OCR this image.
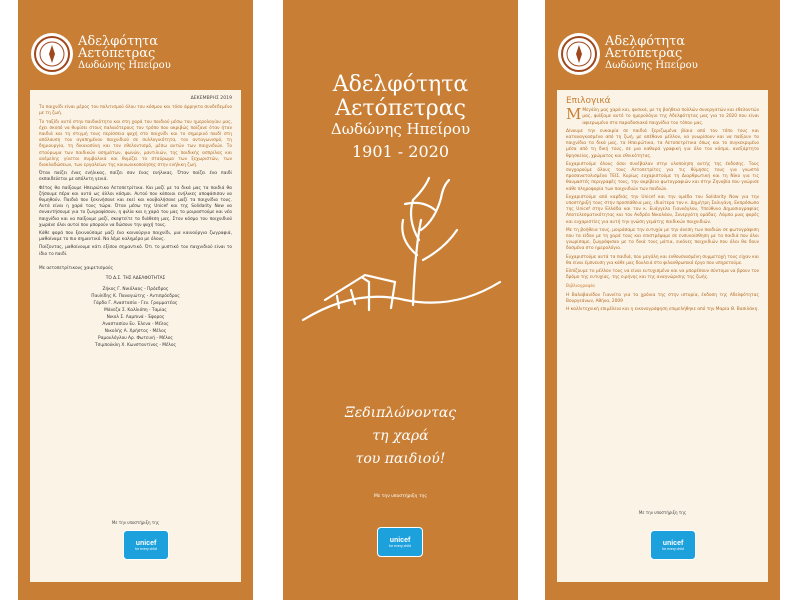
Αδελφότητα
Αετόπετρας
Δωδώνης Ηπείρου
ΔΕΚΕΜΒΡΗΣ 2019

Το παιχνίδι είναι μέρος του πολιτισμού όλου του κόσμου και τόσο άρρηκτα συνδεδεμένο με τη ζωή.

Το ταξίδι αυτό στην παιδικότητα και στη χαρά του παιδιού μέσω του ημερολογίου μας, έχει σκοπό να θυμίσει στους παλαιότερους τον τρόπο που ακριβώς παίζανε όταν ήταν παιδιά και τη στιγμή τους περίσσεια ψυχή στο παιχνίδι και το σημερινό παιδί στη απόλαυση του αγαπημένου παιχνιδιού σε συλλογικότητα, τον ανταγωνισμό, τη δημιουργία, τη δικαιοσύνη και τον εθελοντισμό, μέσω αυτών των παιχνιδιών. Το σταύρωμα των παιδικών ασημάτων, φωνών, μαντιλιών, της παιδικής ασπρίλας και ανέμελης γίνεται συμβολικά και θυμίζει το σταύρωμα των ξεχωριστών, των διακλαδώσεων, των εργαλείων της κοινωνικοποίησης στην ενήλικη ζωή.

Όταν παίζει ένας ενήλικας, παίζει σαν ένας ενήλικας. Όταν παίζει ένα παιδί εκπαιδεύεται με απόλυτη γενιά.

Φέτος θα παίξουμε Ηπειρώτικα Αετοπετρίτικα. Και μαζί με τα δικά μας τα παιδιά θα ζήσουμε πέρα και αυτά ως άλλοι κόσμοι. Αυτού που κάποιοι ενήλικες αποφάσισαν να θυμηθούν. Παιδιά που ξεκινήσανε και εκεί και κουβαλήσανε μαζί τα παιχνίδια τους. Αυτά είναι η χαρά τους τώρα. Όταν μέσω της Unicef και της Solidarity Now να συναντήσουμε για το ζωγραφίσουν, η φιλία και η χαρά του μας το μοιραστούμε και νέα παιχνίδια και να παίξουμε μαζί, σκεφτείτε τα διάθεση μας. Στον κόσμο του παιχνιδιού χωράνε όλοι αυτοί που μπορούν να δώσουν την ψυχή τους.

Κάθε φορά που ξεκινούσαμε μαζί ένα καινούργιο παιχνίδι, μια καινούργια ζωγραφιά, μαθαίναμε το πιο σημαντικό. Να λέμε καλημέρα με όλους.

Παίζοντας, μαθαίνουμε κάτι εξίσου σημαντικό. Ότι το μυστικό του παιχνιδιού είναι το ίδιο το παιδί.

Με αετοπετρίτικους χαιρετισμούς

ΤΟ Δ.Σ. ΤΗΣ ΑΔΕΛΦΟΤΗΤΑΣ

Ζήκος Γ. Νικόλαος - Πρόεδρος
Παυλίδης Κ. Παναγιώτης - Αντιπρόεδρος
Γάρδα Γ. Αναστασία - Γεν. Γραμματέας
Μάνεζα Σ. Καλλιόπη - Ταμίας
Νικολ Σ. Λαμπινά - Έφορος
Αναστασίου Ευ. Έλενα - Μέλος
Νικολής Α. Χρήστος - Μέλος
Ραμουλόγλου Αρ. Φωτεινή - Μέλος
Τσιμπούκλη Χ. Κωνσταντίνος - Μέλος
Με την υποστήριξη της
unicef
for every child
Αδελφότητα
Αετόπετρας
Δωδώνης Ηπείρου
1901 - 2020
Ξεδιπλώνοντας
τη χαρά
του παιδιού!
Με την υποστήριξη της
unicef
for every child
Αδελφότητα
Αετόπετρας
Δωδώνης Ηπείρου
Επιλογικά

M Μεγάλη μας χαρά και, φυσικά, με τη βοήθεια πολλών συνεργατών και εθελοντών μας, φιάξαμε αυτό το ημερολόγιο της Αδελφότητας μας για το 2020 που είναι αφιερωμένο στα παραδοσιακά παιχνίδια του τόπου μας.

Δίνουμε την ευκαιρία σε παιδιά ξεριζωμένα βίαια από τον τόπο τους και καταναγκασμένα από τη ζωή, με απέθανο μέλλον, να γνωρίσουν και να παίξουν τα παιχνίδια τα δικά μας, τα Ηπειρώτικα, τα Αετοπετρίτικα όπως και το συγκεκριμένο μέσα από τη δική τους, σε μια καθαρά γραφική για όλο τον κόσμο, ανεξάρτητα θρησκείας, χρώματος και εθνικότητας.

Ευχαριστούμε όλους όσοι συνέβαλαν στην υλοποίηση αυτής της έκδοσης. Τους συγχαρούμε όλους τους Αετοπετρίτες για τις θύμησες τους για γνωστά προσανατολισμένα ΤΕΙΣ. Κυρίως ευχαριστούμε τη Διαρθρωτική και τη Νίκο για τις θαυμαστές περιγραφές τους, την ακρίβεια φωτογραφιών και στην Ζηνοβία που γνώρισε κάθε πληροφορία των παιχνιδιών των παιδιών.

Ευχαριστούμε από καρδιάς την Unicef και την ομάδα του Solidarity Now για την υποστήριξή τους στην προσπάθεια μας, ιδιαίτερα τον κ. Δημήτρη Σαλιγάνη, Εκπρόσωπο της Unicef στην Ελλάδα και τον κ. Ευάγγελο Γιαννόγλου, Υπεύθυνο Δημοσιογραφίας Αποτελεσματικότητας και τον Ανδρέα Νικολάου, Συνεργάτη ομάδας. Λάμπα μιας φορές και ευχαριστίες για αυτή την γνώση γεμάτης παιδικών παιχνιδιών.

Με τη βοήθεια τους, μοιράσαμε την ευτυχία με την άνεση των παιδιών σε φωτογράφιση που τα είδαν με τη χαρά τους και επιστρέψαμε σε ενσυναίσθηση με τα παιδιά που όλοι γνωρίσαμε, ζωγράφισαν με τα δικά τους μάτια, εικόνες παιχνιδιών που όλοι θα δουν δοσμένα στο ημερολόγιο.

Ευχαριστούμε αυτά τα παιδιά, που μεγάλη και ενθουσιασμένη συμμετοχή τους είχαν και θα είναι έμπνευση για κάθε μας δουλειά στο φιλανθρωπικό έργο που υπηρετούμε.

Ελπίζουμε το μέλλον τους να είναι ευτυχισμένο και να μπορέσουν σύντομα να βρουν τον δρόμο της ευτυχίας, της ειρήνης και της αναγνώρισης της ζωής.

Βιβλιογραφία

Η Βαλαβανίδου Γιαννίτα για τα χρόνια της στην ιστορία, έκδοση της Αδελφότητας Βουργεάνων, Αθήνα, 2009

Η καλλιτεχνική επιμέλεια και η εικονογράφηση επιμελήθηκε από την Μαρία Θ. Βασιλάκη.

Με την υποστήριξη της
unicef
for every child
